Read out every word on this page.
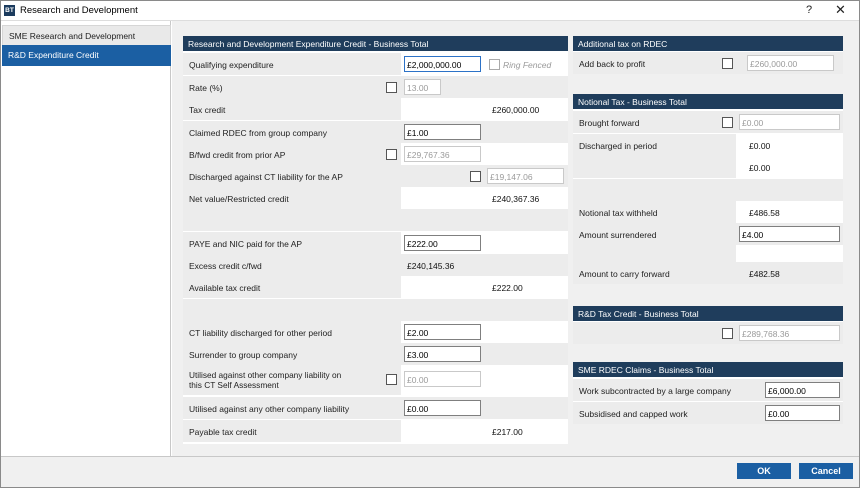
BT Research and Development	? ✕
SME Research and Development
R&D Expenditure Credit
Research and Development Expenditure Credit - Business Total
Qualifying expenditure	£2,000,000.00	Ring Fenced
Rate (%)	13.00
Tax credit	£260,000.00
Claimed RDEC from group company	£1.00
B/fwd credit from prior AP	£29,767.36
Discharged against CT liability for the AP	£19,147.06
Net value/Restricted credit	£240,367.36
PAYE and NIC paid for the AP	£222.00
Excess credit c/fwd	£240,145.36
Available tax credit	£222.00
CT liability discharged for other period	£2.00
Surrender to group company	£3.00
Utilised against other company liability on
this CT Self Assessment	£0.00
Utilised against any other company liability	£0.00
Payable tax credit	£217.00
Additional tax on RDEC
Add back to profit	£260,000.00
Notional Tax - Business Total
Brought forward	£0.00
Discharged in period	£0.00
£0.00
Notional tax withheld	£486.58
Amount surrendered	£4.00
Amount to carry forward	£482.58
R&D Tax Credit - Business Total
£289,768.36
SME RDEC Claims - Business Total
Work subcontracted by a large company	£6,000.00
Subsidised and capped work	£0.00
OK	Cancel
